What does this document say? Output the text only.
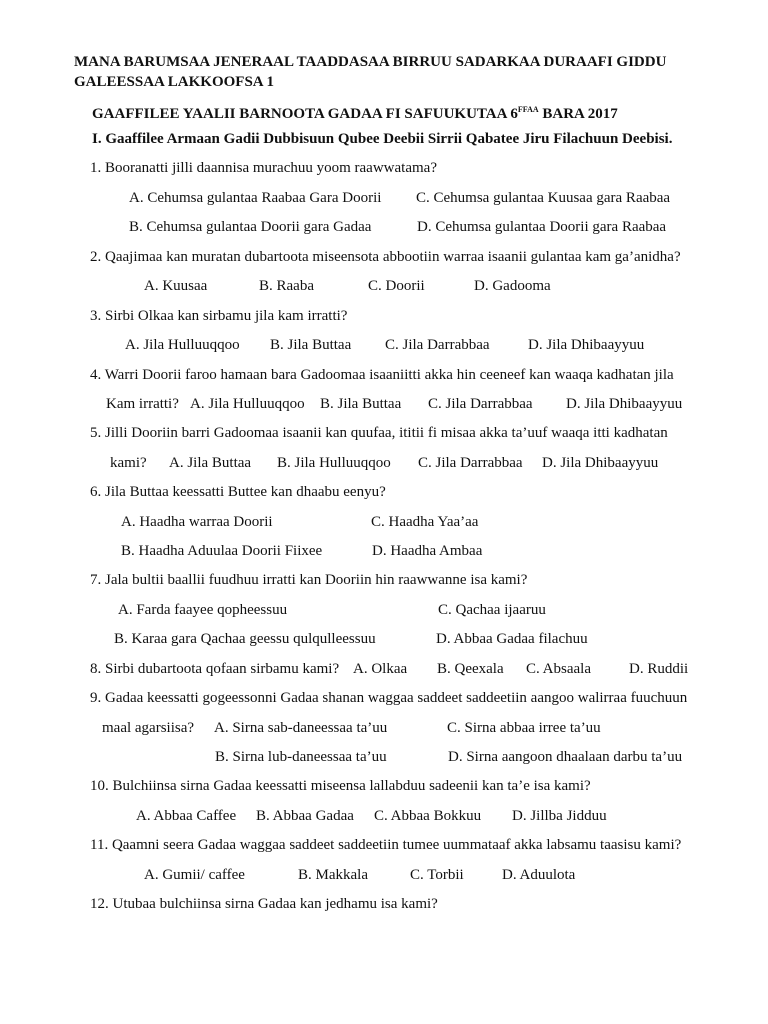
MANA BARUMSAA JENERAAL TAADDASAA BIRRUU SADARKAA DURAAFI GIDDU
GALEESSAA LAKKOOFSA 1
GAAFFILEE YAALII BARNOOTA GADAA FI SAFUUKUTAA $6^{FFAA}$ BARA 2017
I. Gaaffilee Armaan Gadii Dubbisuun Qubee Deebii Sirrii Qabatee Jiru Filachuun Deebisi.
1. Booranatti jilli daannisa murachuu yoom raawwatama?
A. Cehumsa gulantaa Raabaa Gara Doorii C. Cehumsa gulantaa Kuusaa gara Raabaa
B. Cehumsa gulantaa Doorii gara Gadaa	D. Cehumsa gulantaa Doorii gara Raabaa
2. Qaajimaa kan muratan dubartoota miseensota abbootiin warraa isaanii gulantaa kam ga’anidha?
A. Kuusaa	B. Raaba	C. Doorii	D. Gadooma
3. Sirbi Olkaa kan sirbamu jila kam irratti?
A. Jila Hulluuqqoo B. Jila Buttaa C. Jila Darrabbaa	D. Jila Dhibaayyuu
4. Warri Doorii faroo hamaan bara Gadoomaa isaaniitti akka hin ceeneef kan waaqa kadhatan jila
Kam irratti? A. Jila Hulluuqqoo B. Jila Buttaa C. Jila Darrabbaa D. Jila Dhibaayyuu
5. Jilli Dooriin barri Gadoomaa isaanii kan quufaa, ititii fi misaa akka ta’uuf waaqa itti kadhatan
kami? A. Jila Buttaa B. Jila Hulluuqqoo C. Jila Darrabbaa D. Jila Dhibaayyuu
6. Jila Buttaa keessatti Buttee kan dhaabu eenyu?
A. Haadha warraa Doorii	C. Haadha Yaa’aa
B. Haadha Aduulaa Doorii Fiixee	D. Haadha Ambaa
7. Jala bultii baallii fuudhuu irratti kan Dooriin hin raawwanne isa kami?
A. Farda faayee qopheessuu	C. Qachaa ijaaruu
B. Karaa gara Qachaa geessu qulqulleessuu	D. Abbaa Gadaa filachuu
8. Sirbi dubartoota qofaan sirbamu kami? A. Olkaa B. Qeexala C. Absaala	D. Ruddii
9. Gadaa keessatti gogeessonni Gadaa shanan waggaa saddeet saddeetiin aangoo walirraa fuuchuun
maal agarsiisa? A. Sirna sab-daneessaa ta’uu	C. Sirna abbaa irree ta’uu
B. Sirna lub-daneessaa ta’uu	D. Sirna aangoon dhaalaan darbu ta’uu
10. Bulchiinsa sirna Gadaa keessatti miseensa lallabduu sadeenii kan ta’e isa kami?
A. Abbaa Caffee B. Abbaa Gadaa C. Abbaa Bokkuu D. Jillba Jidduu
11. Qaamni seera Gadaa waggaa saddeet saddeetiin tumee uummataaf akka labsamu taasisu kami?
A. Gumii/ caffee	B. Makkala	C. Torbii	D. Aduulota
12. Utubaa bulchiinsa sirna Gadaa kan jedhamu isa kami?
